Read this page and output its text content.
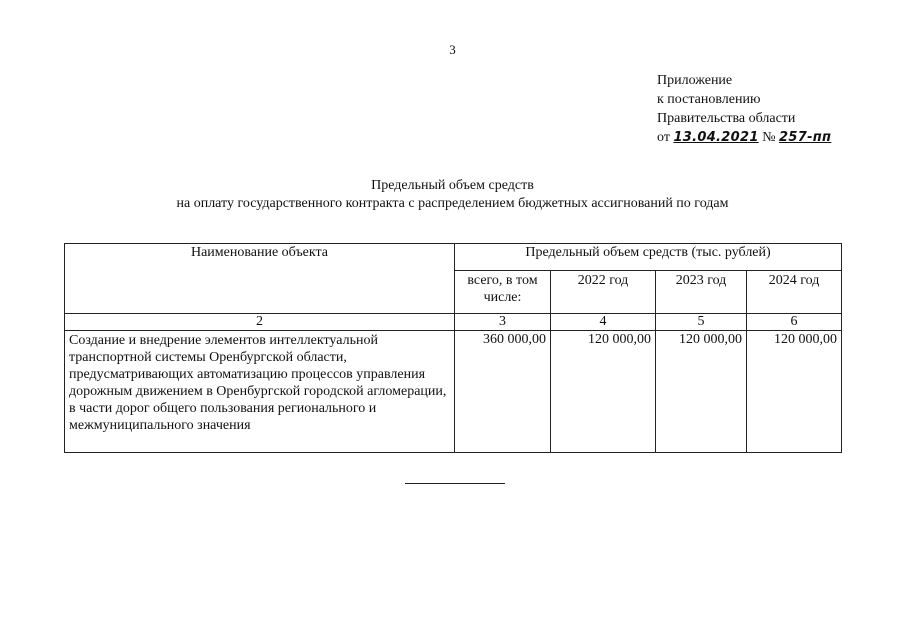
3
Приложение
к постановлению
Правительства области
от 13.04.2021 № 257-пп
Предельный объем средств
на оплату государственного контракта с распределением бюджетных ассигнований по годам
Наименование объекта	Предельный объем средств (тыс. рублей)			
	всего, в том числе:	2022 год	2023 год	2024 год
2	3	4	5	6
Создание и внедрение элементов интеллектуальной транспортной системы Оренбургской области, предусматривающих автоматизацию процессов управления дорожным движением в Оренбургской городской агломерации, в части дорог общего пользования регионального и межмуниципального значения	360 000,00	120 000,00	120 000,00	120 000,00
